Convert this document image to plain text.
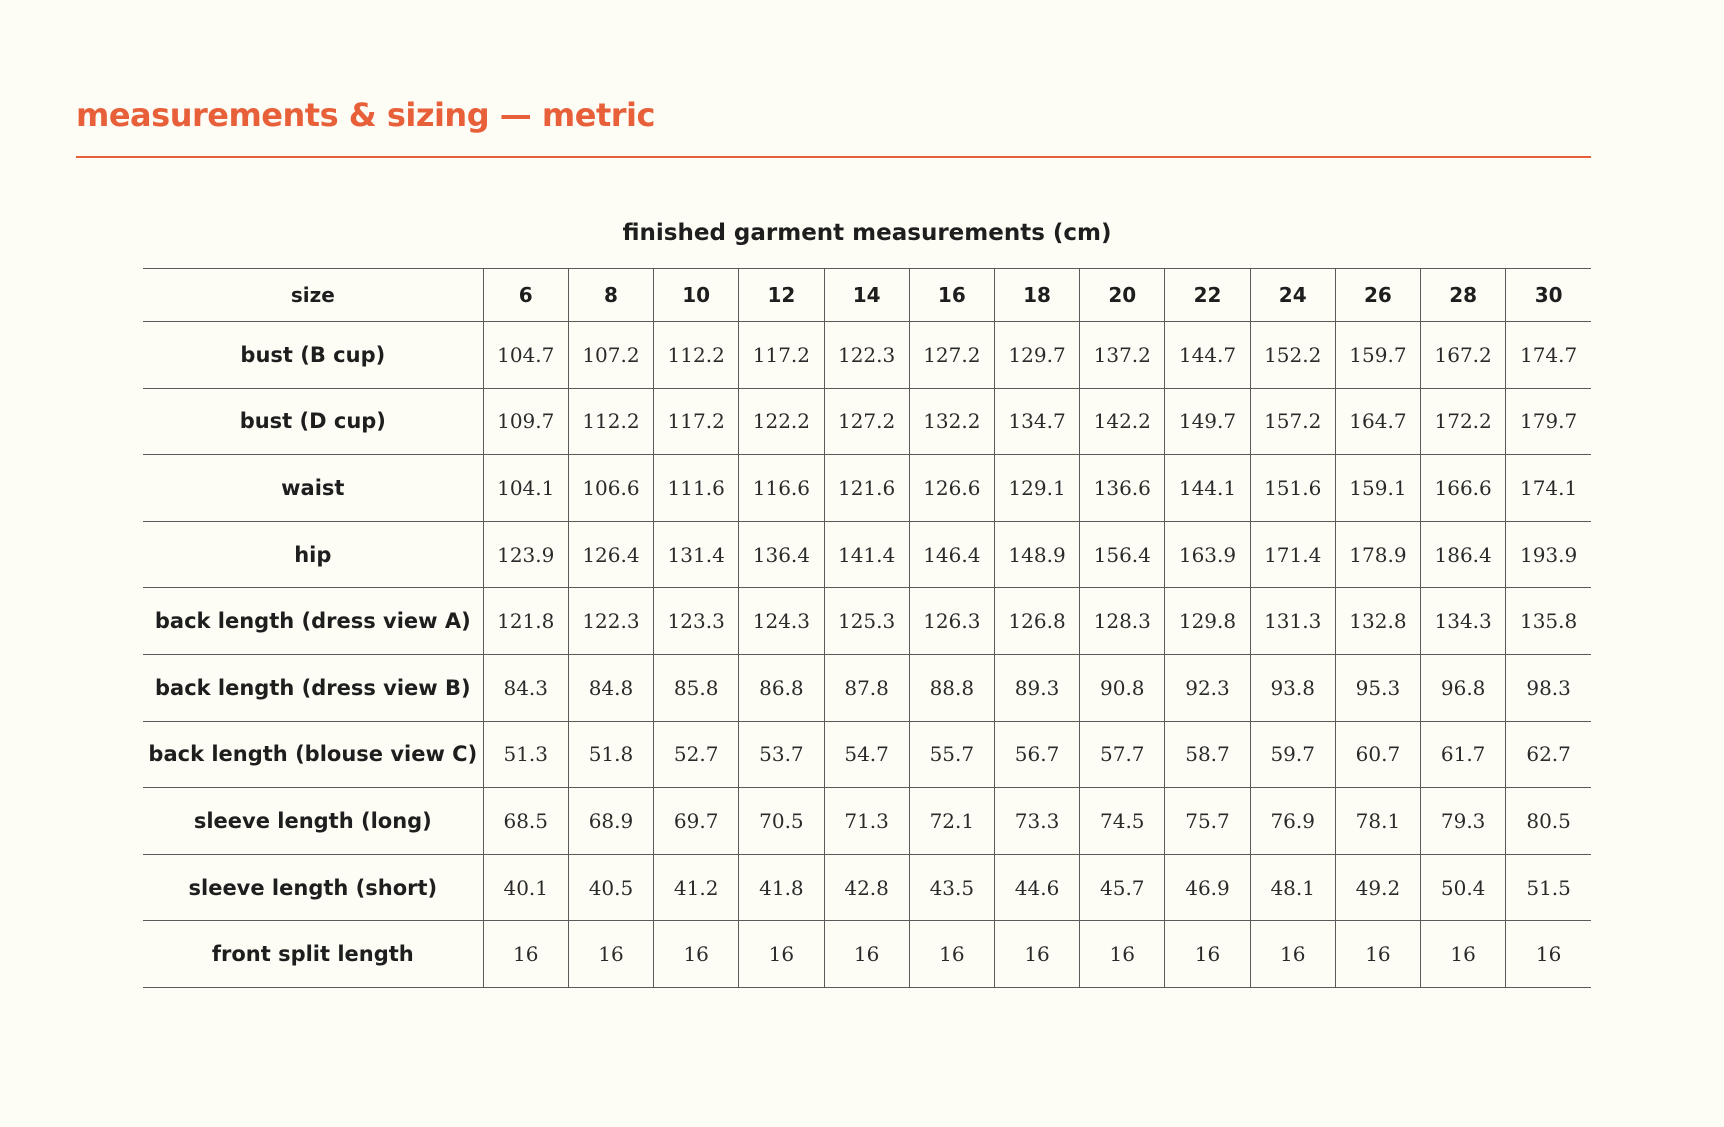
measurements & sizing — metric
finished garment measurements (cm)
size	6	8	10	12	14	16	18	20	22	24	26	28	30
bust (B cup)	104.7	107.2	112.2	117.2	122.3	127.2	129.7	137.2	144.7	152.2	159.7	167.2	174.7
bust (D cup)	109.7	112.2	117.2	122.2	127.2	132.2	134.7	142.2	149.7	157.2	164.7	172.2	179.7
waist	104.1	106.6	111.6	116.6	121.6	126.6	129.1	136.6	144.1	151.6	159.1	166.6	174.1
hip	123.9	126.4	131.4	136.4	141.4	146.4	148.9	156.4	163.9	171.4	178.9	186.4	193.9
back length (dress view A)	121.8	122.3	123.3	124.3	125.3	126.3	126.8	128.3	129.8	131.3	132.8	134.3	135.8
back length (dress view B)	84.3	84.8	85.8	86.8	87.8	88.8	89.3	90.8	92.3	93.8	95.3	96.8	98.3
back length (blouse view C)	51.3	51.8	52.7	53.7	54.7	55.7	56.7	57.7	58.7	59.7	60.7	61.7	62.7
sleeve length (long)	68.5	68.9	69.7	70.5	71.3	72.1	73.3	74.5	75.7	76.9	78.1	79.3	80.5
sleeve length (short)	40.1	40.5	41.2	41.8	42.8	43.5	44.6	45.7	46.9	48.1	49.2	50.4	51.5
front split length	16	16	16	16	16	16	16	16	16	16	16	16	16
